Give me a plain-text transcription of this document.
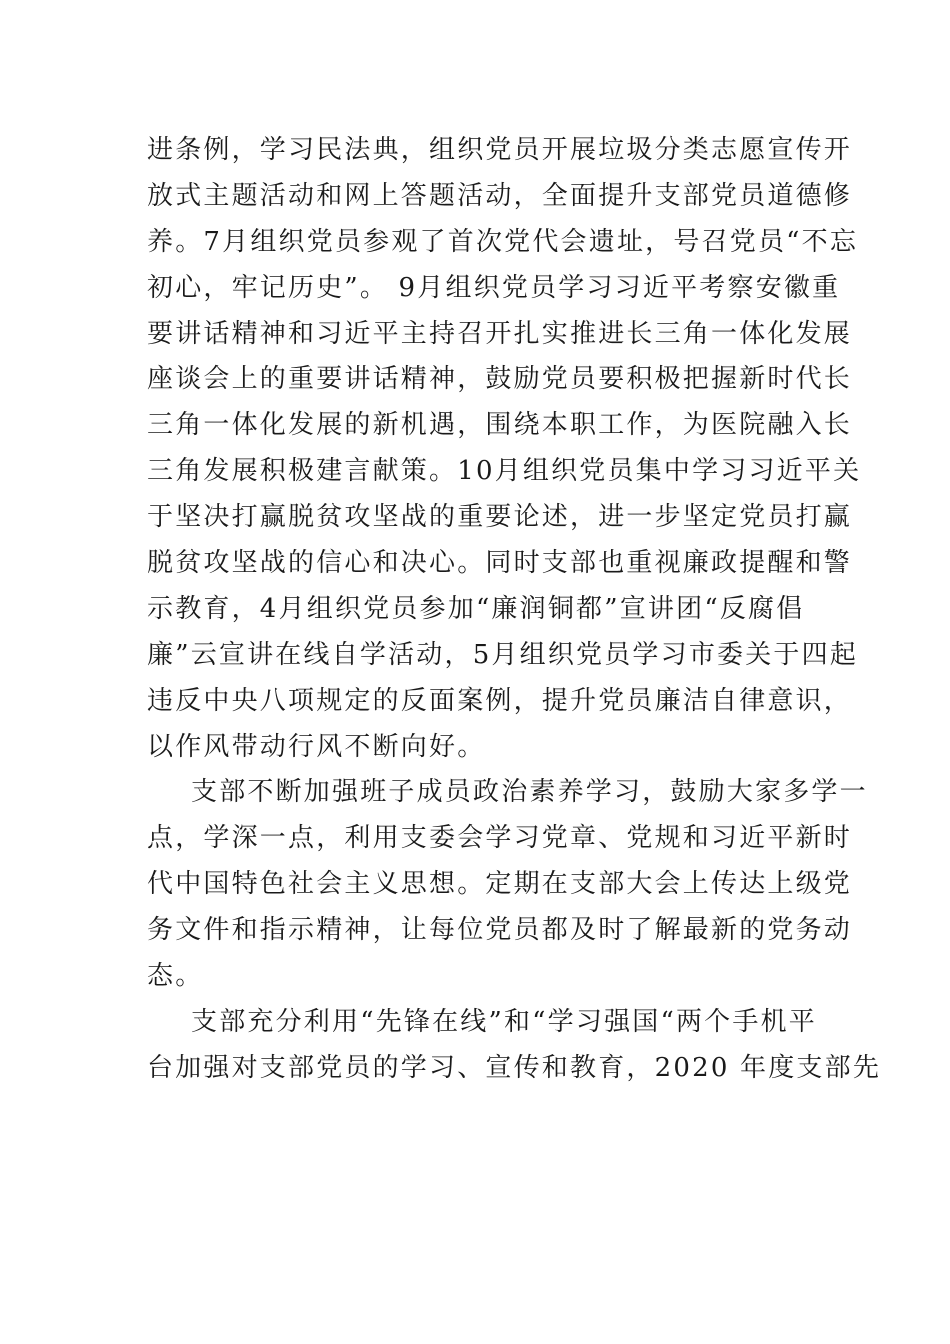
进条例，学习民法典，组织党员开展垃圾分类志愿宣传开
放式主题活动和网上答题活动，全面提升支部党员道德修
养。7月组织党员参观了首次党代会遗址，号召党员“不忘
初心，牢记历史”。 9月组织党员学习习近平考察安徽重
要讲话精神和习近平主持召开扎实推进长三角一体化发展
座谈会上的重要讲话精神，鼓励党员要积极把握新时代长
三角一体化发展的新机遇，围绕本职工作，为医院融入长
三角发展积极建言献策。10月组织党员集中学习习近平关
于坚决打赢脱贫攻坚战的重要论述，进一步坚定党员打赢
脱贫攻坚战的信心和决心。同时支部也重视廉政提醒和警
示教育，4月组织党员参加“廉润铜都”宣讲团“反腐倡
廉”云宣讲在线自学活动，5月组织党员学习市委关于四起
违反中央八项规定的反面案例，提升党员廉洁自律意识，
以作风带动行风不断向好。
支部不断加强班子成员政治素养学习，鼓励大家多学一
点，学深一点，利用支委会学习党章、党规和习近平新时
代中国特色社会主义思想。定期在支部大会上传达上级党
务文件和指示精神，让每位党员都及时了解最新的党务动
态。
支部充分利用“先锋在线”和“学习强国“两个手机平
台加强对支部党员的学习、宣传和教育，2020 年度支部先
